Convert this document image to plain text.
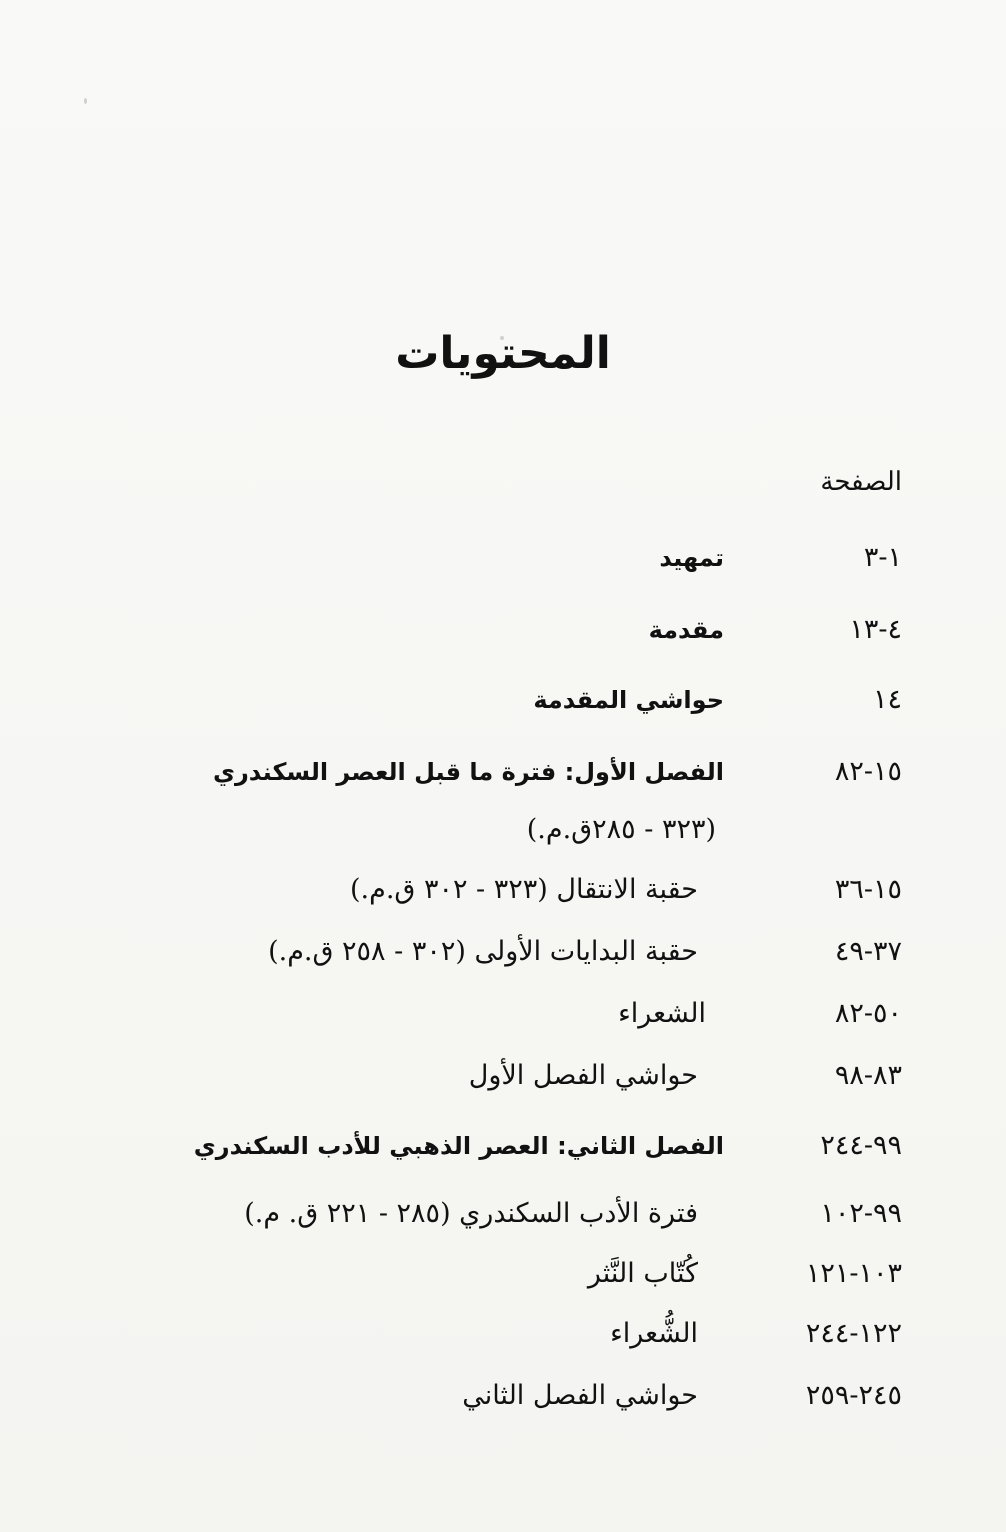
المحتويات
الصفحة
١-٣
تمهيد
٤-١٣
مقدمة
١٤
حواشي المقدمة
١٥-٨٢
الفصل الأول: فترة ما قبل العصر السكندري
(٣٢٣ - ٢٨٥ق.م.)
١٥-٣٦
حقبة الانتقال (٣٢٣ - ٣٠٢ ق.م.)
٣٧-٤٩
حقبة البدايات الأولى (٣٠٢ - ٢٥٨ ق.م.)
٥٠-٨٢
الشعراء
٨٣-٩٨
حواشي الفصل الأول
٩٩-٢٤٤
الفصل الثاني: العصر الذهبي للأدب السكندري
٩٩-١٠٢
فترة الأدب السكندري (٢٨٥ - ٢٢١ ق. م.)
١٠٣-١٢١
كُتّاب النَّثر
١٢٢-٢٤٤
الشُّعراء
٢٤٥-٢٥٩
حواشي الفصل الثاني
